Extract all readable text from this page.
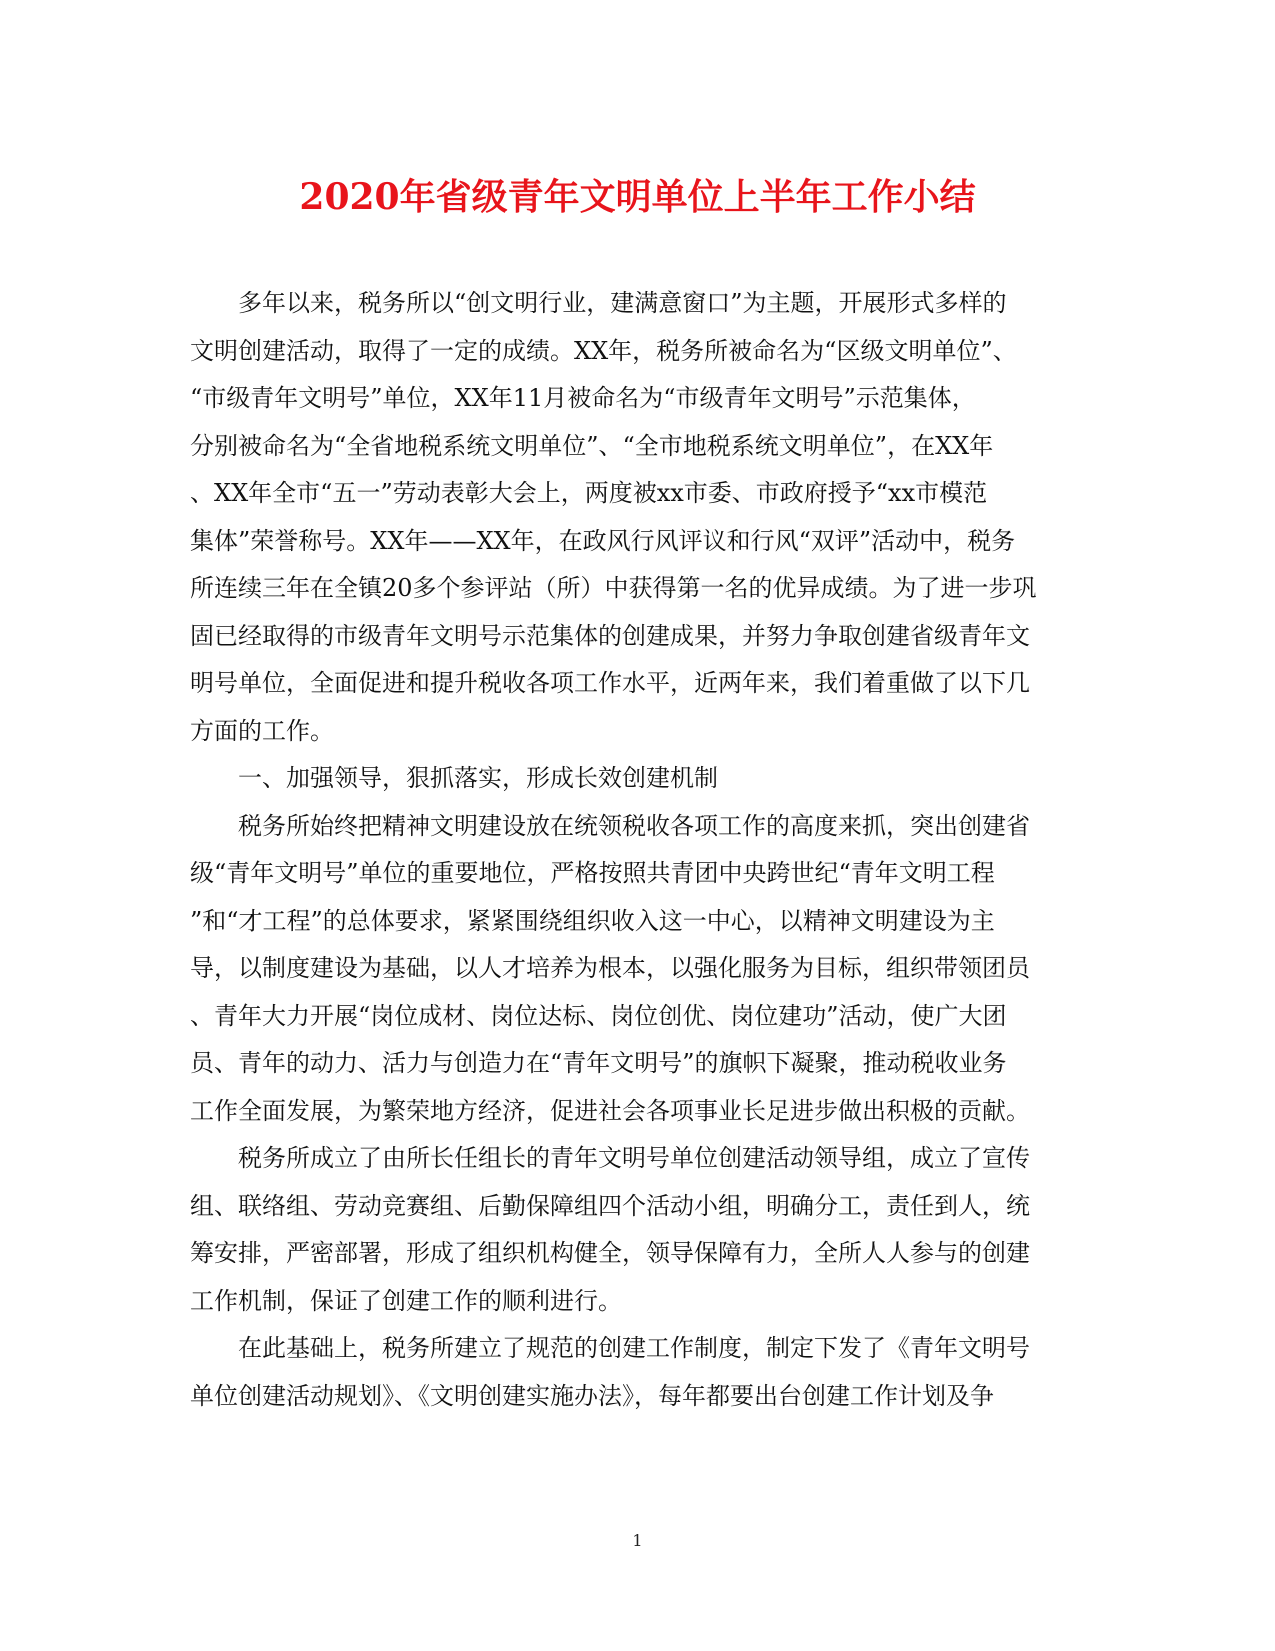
2020年省级青年文明单位上半年工作小结
多年以来，税务所以“创文明行业，建满意窗口”为主题，开展形式多样的
文明创建活动，取得了一定的成绩。XX年，税务所被命名为“区级文明单位”、
“市级青年文明号”单位，XX年11月被命名为“市级青年文明号”示范集体，
分别被命名为“全省地税系统文明单位”、“全市地税系统文明单位”，在XX年
、XX年全市“五一”劳动表彰大会上，两度被xx市委、市政府授予“xx市模范
集体”荣誉称号。XX年——XX年，在政风行风评议和行风“双评”活动中，税务
所连续三年在全镇20多个参评站（所）中获得第一名的优异成绩。为了进一步巩
固已经取得的市级青年文明号示范集体的创建成果，并努力争取创建省级青年文
明号单位，全面促进和提升税收各项工作水平，近两年来，我们着重做了以下几
方面的工作。
一、加强领导，狠抓落实，形成长效创建机制
税务所始终把精神文明建设放在统领税收各项工作的高度来抓，突出创建省
级“青年文明号”单位的重要地位，严格按照共青团中央跨世纪“青年文明工程
”和“才工程”的总体要求，紧紧围绕组织收入这一中心，以精神文明建设为主
导，以制度建设为基础，以人才培养为根本，以强化服务为目标，组织带领团员
、青年大力开展“岗位成材、岗位达标、岗位创优、岗位建功”活动，使广大团
员、青年的动力、活力与创造力在“青年文明号”的旗帜下凝聚，推动税收业务
工作全面发展，为繁荣地方经济，促进社会各项事业长足进步做出积极的贡献。
税务所成立了由所长任组长的青年文明号单位创建活动领导组，成立了宣传
组、联络组、劳动竞赛组、后勤保障组四个活动小组，明确分工，责任到人，统
筹安排，严密部署，形成了组织机构健全，领导保障有力，全所人人参与的创建
工作机制，保证了创建工作的顺利进行。
在此基础上，税务所建立了规范的创建工作制度，制定下发了《青年文明号
单位创建活动规划》、《文明创建实施办法》，每年都要出台创建工作计划及争
1
